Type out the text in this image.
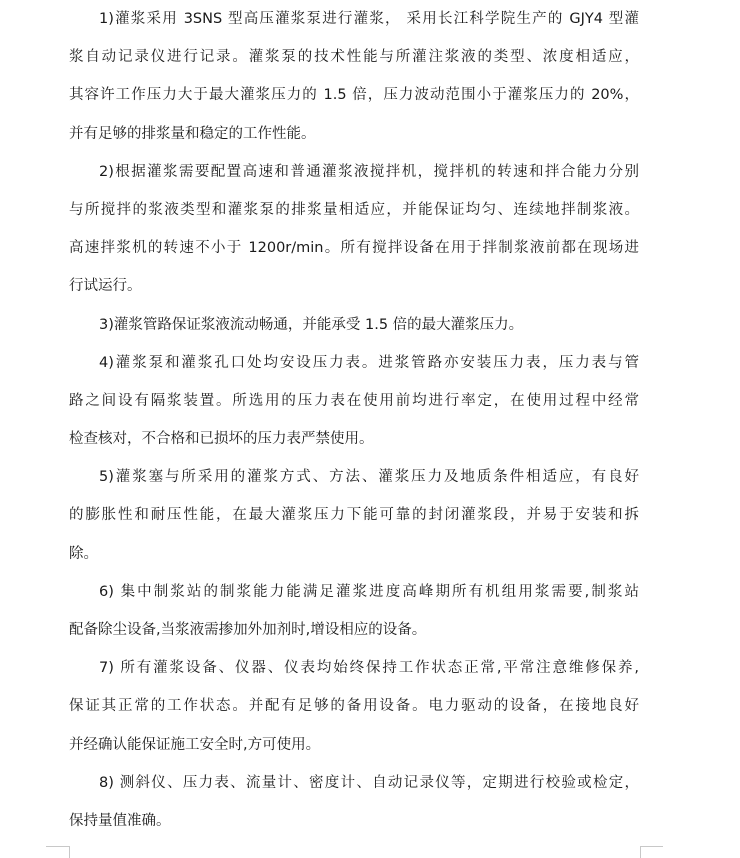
1)灌浆采用 3SNS 型高压灌浆泵进行灌浆， 采用长江科学院生产的 GJY4 型灌
浆自动记录仪进行记录。灌浆泵的技术性能与所灌注浆液的类型、浓度相适应，
其容许工作压力大于最大灌浆压力的 1.5 倍，压力波动范围小于灌浆压力的 20%，
并有足够的排浆量和稳定的工作性能。

2)根据灌浆需要配置高速和普通灌浆液搅拌机，搅拌机的转速和拌合能力分别
与所搅拌的浆液类型和灌浆泵的排浆量相适应，并能保证均匀、连续地拌制浆液。
高速拌浆机的转速不小于 1200r/min。所有搅拌设备在用于拌制浆液前都在现场进
行试运行。

3)灌浆管路保证浆液流动畅通，并能承受 1.5 倍的最大灌浆压力。

4)灌浆泵和灌浆孔口处均安设压力表。进浆管路亦安装压力表，压力表与管
路之间设有隔浆装置。所选用的压力表在使用前均进行率定，在使用过程中经常
检查核对，不合格和已损坏的压力表严禁使用。

5)灌浆塞与所采用的灌浆方式、方法、灌浆压力及地质条件相适应，有良好
的膨胀性和耐压性能，在最大灌浆压力下能可靠的封闭灌浆段，并易于安装和拆
除。

6) 集中制浆站的制浆能力能满足灌浆进度高峰期所有机组用浆需要,制浆站
配备除尘设备,当浆液需掺加外加剂时,增设相应的设备。

7) 所有灌浆设备、仪器、仪表均始终保持工作状态正常,平常注意维修保养,
保证其正常的工作状态。并配有足够的备用设备。电力驱动的设备，在接地良好
并经确认能保证施工安全时,方可使用。

8) 测斜仪、压力表、流量计、密度计、自动记录仪等，定期进行校验或检定，
保持量值准确。
